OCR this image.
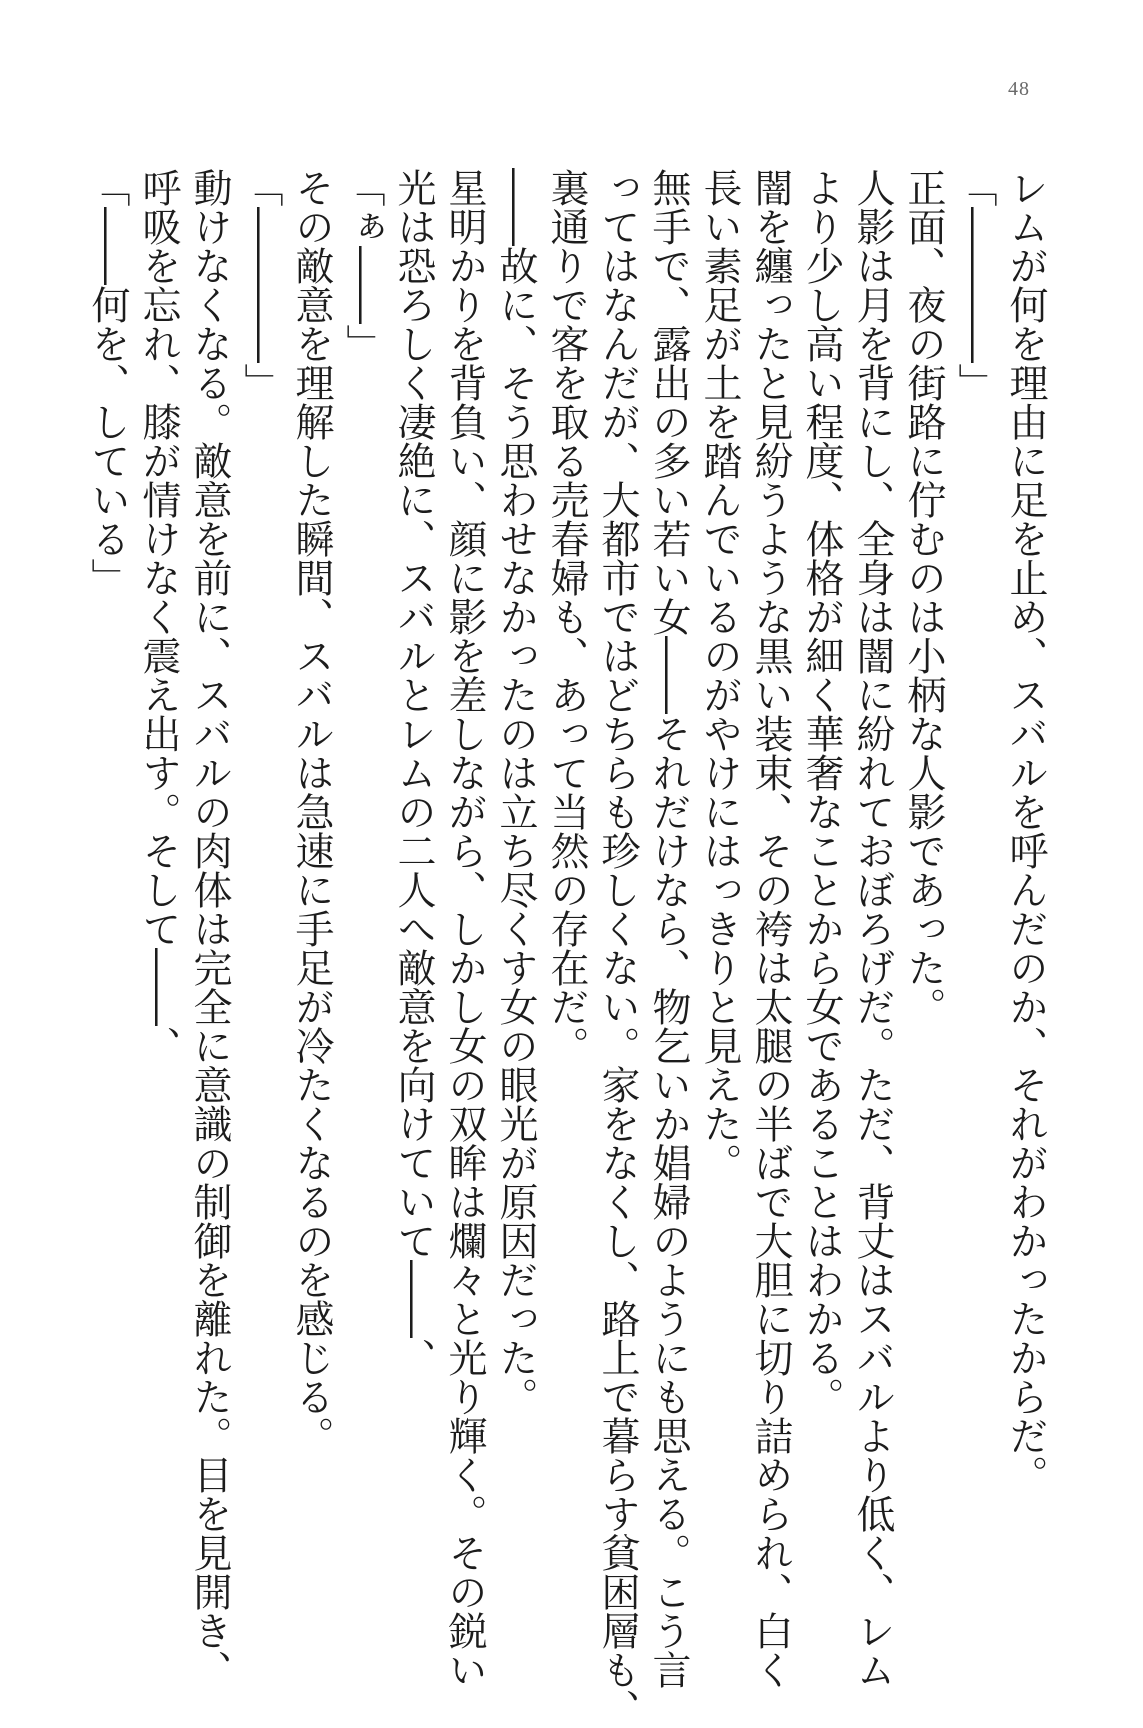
48
レムが何を理由に足を止め、スバルを呼んだのか、それがわかったからだ。
「――――」
正面、夜の街路に佇むのは小柄な人影であった。
人影は月を背にし、全身は闇に紛れておぼろげだ。ただ、背丈はスバルより低く、レム
より少し高い程度、体格が細く華奢なことから女であることはわかる。
闇を纏ったと見紛うような黒い装束、その袴は太腿の半ばで大胆に切り詰められ、白く
長い素足が土を踏んでいるのがやけにはっきりと見えた。
無手で、露出の多い若い女――それだけなら、物乞いか娼婦のようにも思える。こう言
ってはなんだが、大都市ではどちらも珍しくない。家をなくし、路上で暮らす貧困層も、
裏通りで客を取る売春婦も、あって当然の存在だ。
――故に、そう思わせなかったのは立ち尽くす女の眼光が原因だった。
星明かりを背負い、顔に影を差しながら、しかし女の双眸は爛々と光り輝く。その鋭い
光は恐ろしく凄絶に、スバルとレムの二人へ敵意を向けていて――、
「ぁ――」
その敵意を理解した瞬間、スバルは急速に手足が冷たくなるのを感じる。
「――――」
動けなくなる。敵意を前に、スバルの肉体は完全に意識の制御を離れた。目を見開き、
呼吸を忘れ、膝が情けなく震え出す。そして――、
「――何を、している」
